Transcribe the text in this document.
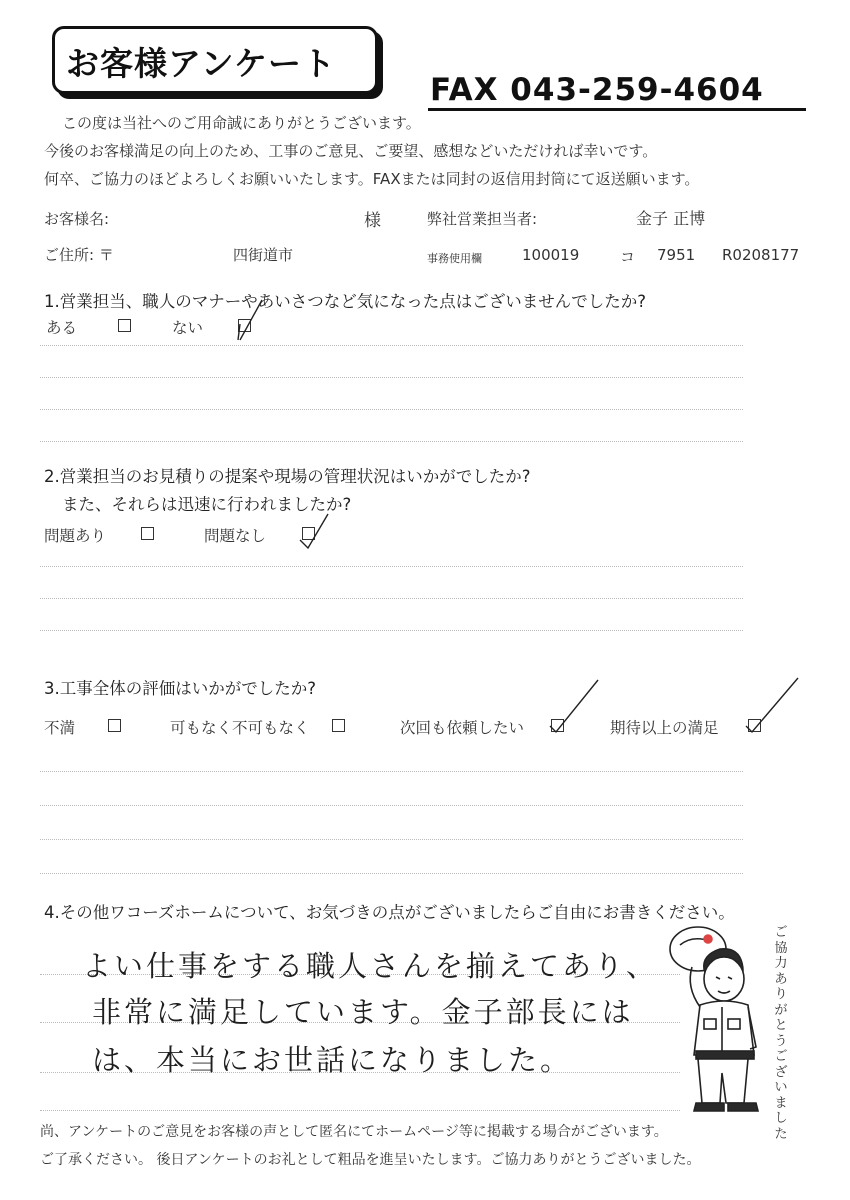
お客様アンケート
FAX 043-259-4604
この度は当社へのご用命誠にありがとうございます。
今後のお客様満足の向上のため、工事のご意見、ご要望、感想などいただければ幸いです。
何卒、ご協力のほどよろしくお願いいたします。FAXまたは同封の返信用封筒にて返送願います。
お客様名:	様	弊社営業担当者:	金子 正博
ご住所: 〒	四街道市	事務使用欄	100019	コ 7951 R0208177
1.営業担当、職人のマナーやあいさつなど気になった点はございませんでしたか?
ある	ない
2.営業担当のお見積りの提案や現場の管理状況はいかがでしたか?
また、それらは迅速に行われましたか?
問題あり	問題なし
3.工事全体の評価はいかがでしたか?
不満	可もなく不可もなく	次回も依頼したい	期待以上の満足
4.その他ワコーズホームについて、お気づきの点がございましたらご自由にお書きください。
よい仕事をする職人さんを揃えてあり、
非常に満足しています。金子部長には
は、本当にお世話になりました。
ご協力ありがとうございました
尚、アンケートのご意見をお客様の声として匿名にてホームページ等に掲載する場合がございます。
ご了承ください。 後日アンケートのお礼として粗品を進呈いたします。ご協力ありがとうございました。
